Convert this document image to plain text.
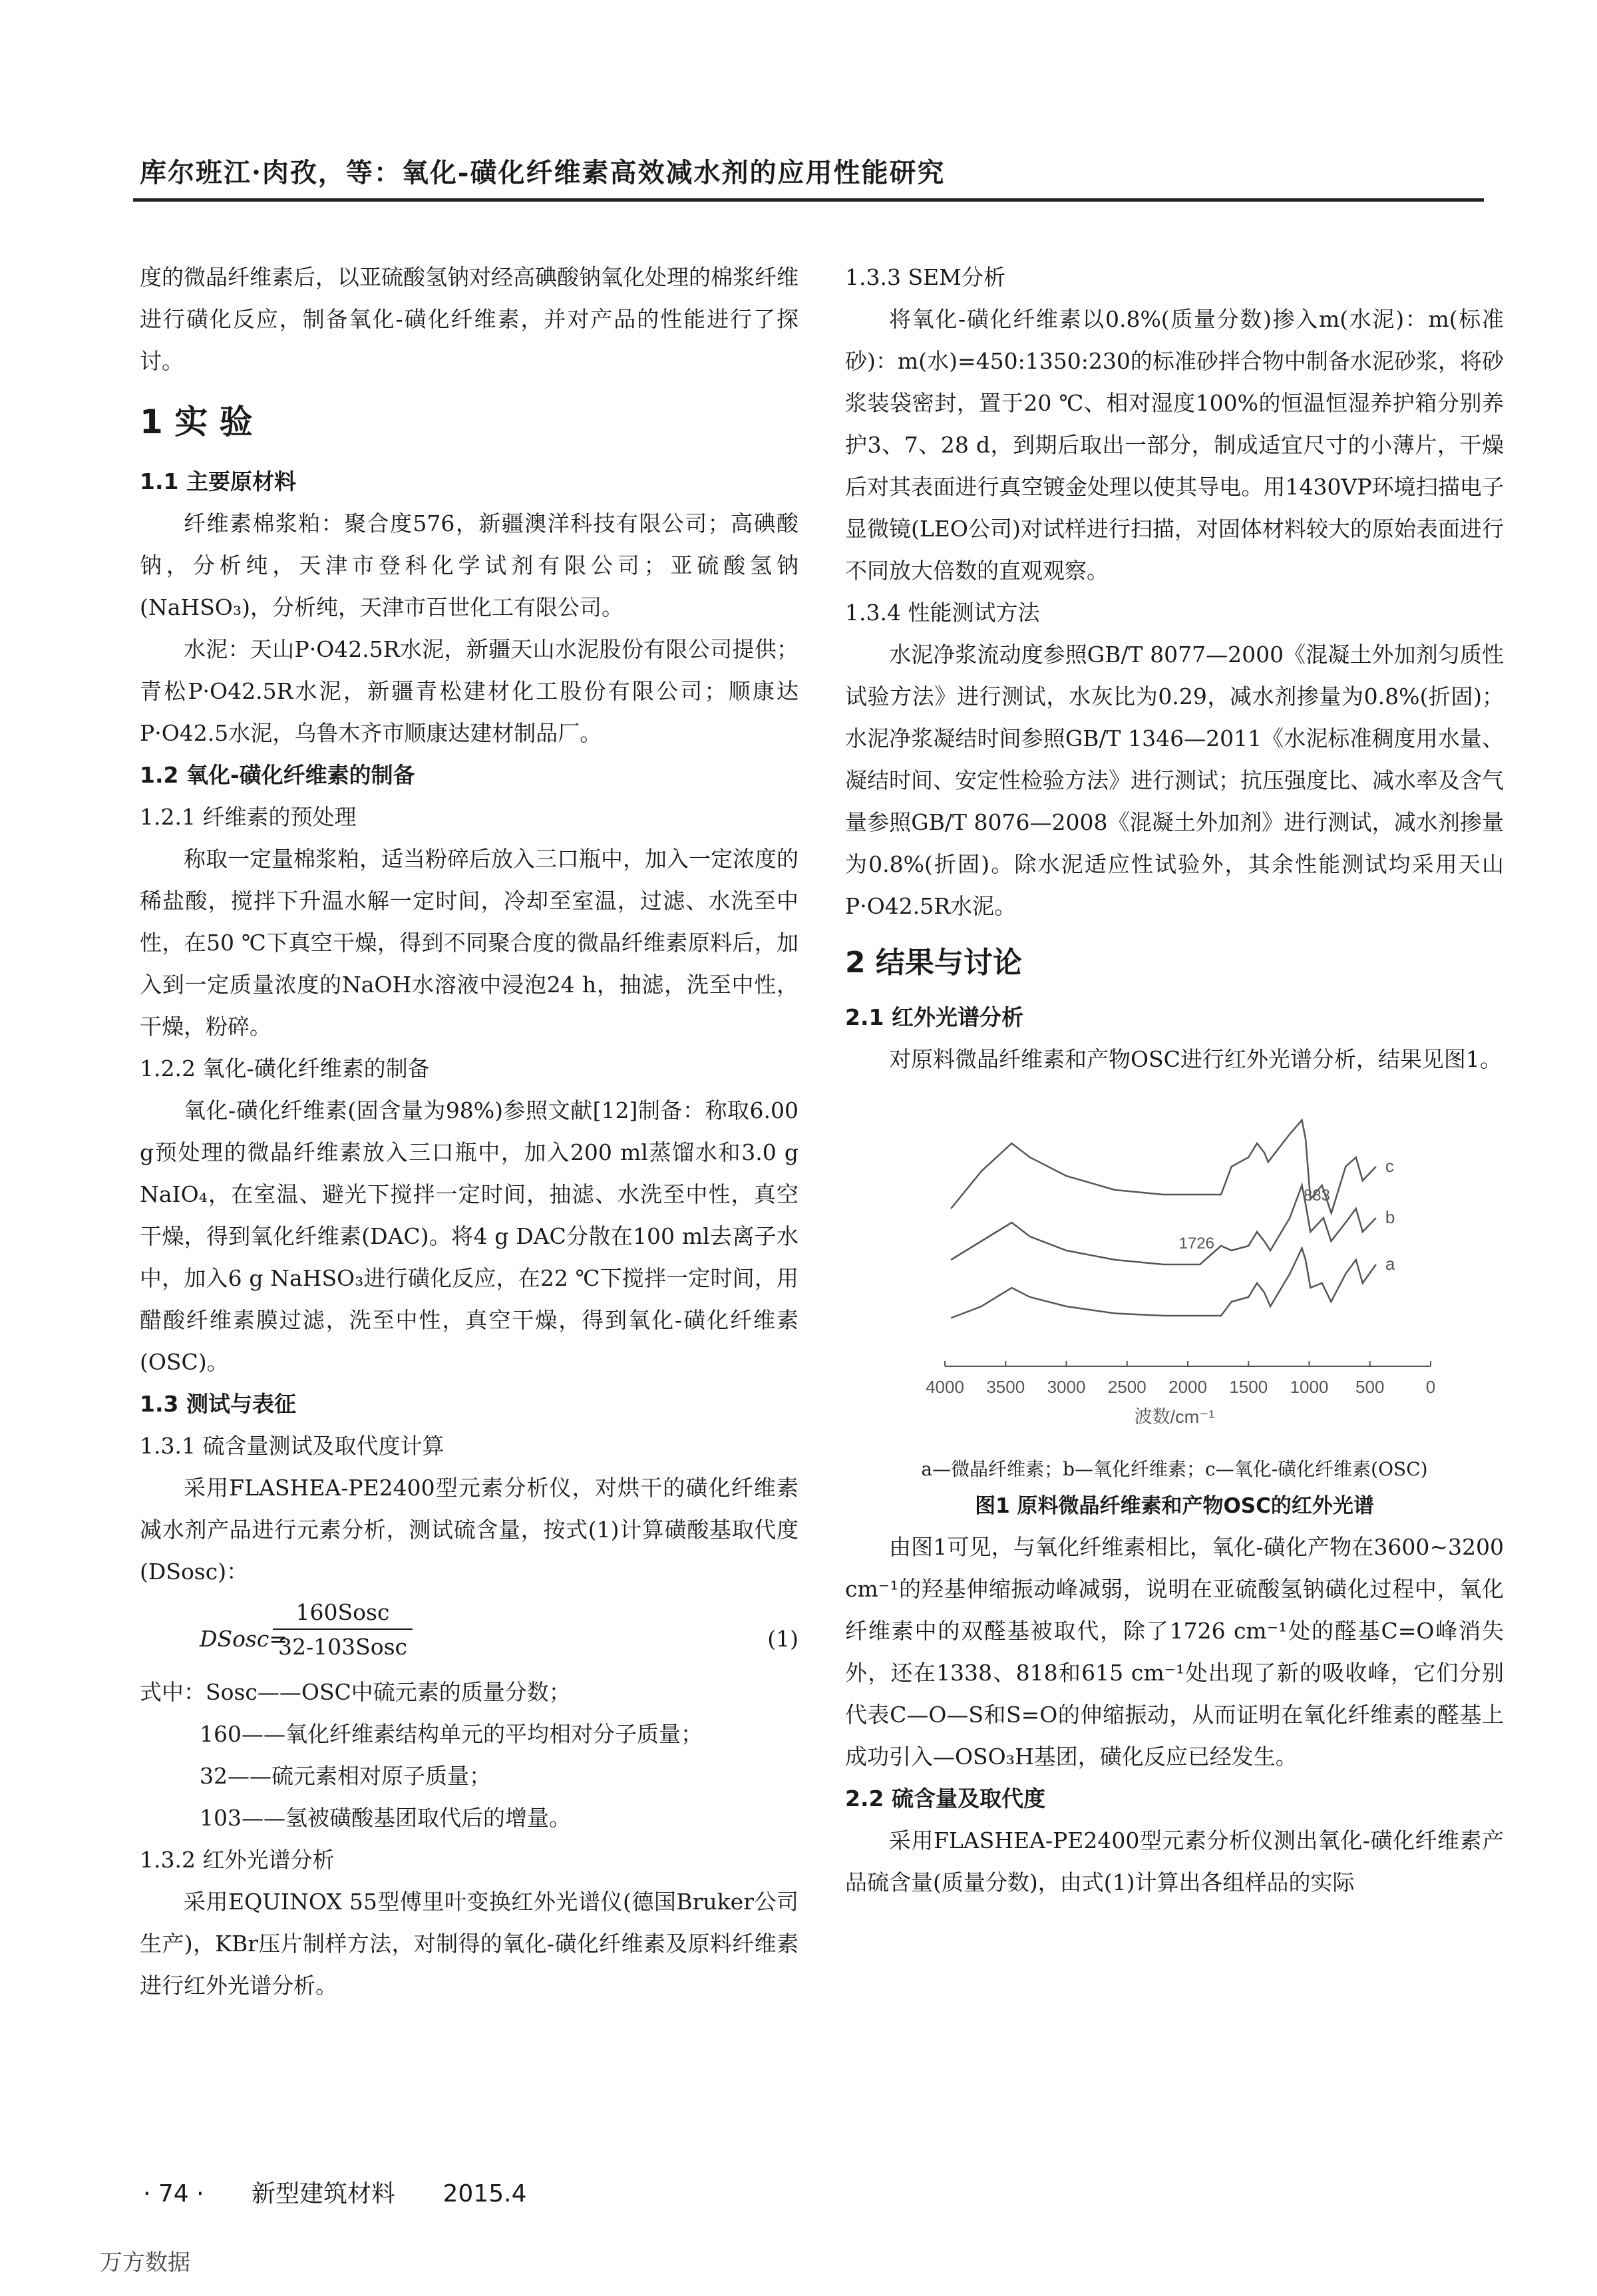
库尔班江·肉孜，等：氧化-磺化纤维素高效减水剂的应用性能研究

度的微晶纤维素后，以亚硫酸氢钠对经高碘酸钠氧化处理的棉浆纤维进行磺化反应，制备氧化-磺化纤维素，并对产品的性能进行了探讨。

1 实 验

1.1 主要原材料

纤维素棉浆粕：聚合度576，新疆澳洋科技有限公司；高碘酸钠，分析纯，天津市登科化学试剂有限公司；亚硫酸氢钠(NaHSO₃)，分析纯，天津市百世化工有限公司。

水泥：天山P·O42.5R水泥，新疆天山水泥股份有限公司提供；青松P·O42.5R水泥，新疆青松建材化工股份有限公司；顺康达P·O42.5水泥，乌鲁木齐市顺康达建材制品厂。

1.2 氧化-磺化纤维素的制备

1.2.1 纤维素的预处理

称取一定量棉浆粕，适当粉碎后放入三口瓶中，加入一定浓度的稀盐酸，搅拌下升温水解一定时间，冷却至室温，过滤、水洗至中性，在50 ℃下真空干燥，得到不同聚合度的微晶纤维素原料后，加入到一定质量浓度的NaOH水溶液中浸泡24 h，抽滤，洗至中性，干燥，粉碎。

1.2.2 氧化-磺化纤维素的制备

氧化-磺化纤维素(固含量为98%)参照文献[12]制备：称取6.00 g预处理的微晶纤维素放入三口瓶中，加入200 ml蒸馏水和3.0 g NaIO₄，在室温、避光下搅拌一定时间，抽滤、水洗至中性，真空干燥，得到氧化纤维素(DAC)。将4 g DAC分散在100 ml去离子水中，加入6 g NaHSO₃进行磺化反应，在22 ℃下搅拌一定时间，用醋酸纤维素膜过滤，洗至中性，真空干燥，得到氧化-磺化纤维素(OSC)。

1.3 测试与表征

1.3.1 硫含量测试及取代度计算

采用FLASHEA-PE2400型元素分析仪，对烘干的磺化纤维素减水剂产品进行元素分析，测试硫含量，按式(1)计算磺酸基取代度(DSosc)：

DSosc=
160Sosc
32-103Sosc	(1)

式中：Sosc——OSC中硫元素的质量分数；

160——氧化纤维素结构单元的平均相对分子质量；

32——硫元素相对原子质量；

103——氢被磺酸基团取代后的增量。

1.3.2 红外光谱分析

采用EQUINOX 55型傅里叶变换红外光谱仪(德国Bruker公司生产)，KBr压片制样方法，对制得的氧化-磺化纤维素及原料纤维素进行红外光谱分析。

1.3.3 SEM分析

将氧化-磺化纤维素以0.8%(质量分数)掺入m(水泥)：m(标准砂)：m(水)=450:1350:230的标准砂拌合物中制备水泥砂浆，将砂浆装袋密封，置于20 ℃、相对湿度100%的恒温恒湿养护箱分别养护3、7、28 d，到期后取出一部分，制成适宜尺寸的小薄片，干燥后对其表面进行真空镀金处理以使其导电。用1430VP环境扫描电子显微镜(LEO公司)对试样进行扫描，对固体材料较大的原始表面进行不同放大倍数的直观观察。

1.3.4 性能测试方法

水泥净浆流动度参照GB/T 8077—2000《混凝土外加剂匀质性试验方法》进行测试，水灰比为0.29，减水剂掺量为0.8%(折固)；水泥净浆凝结时间参照GB/T 1346—2011《水泥标准稠度用水量、凝结时间、安定性检验方法》进行测试；抗压强度比、减水率及含气量参照GB/T 8076—2008《混凝土外加剂》进行测试，减水剂掺量为0.8%(折固)。除水泥适应性试验外，其余性能测试均采用天山P·O42.5R水泥。

2 结果与讨论

2.1 红外光谱分析

对原料微晶纤维素和产物OSC进行红外光谱分析，结果见图1。

4000 3500 3000 2500 2000 1500 1000 500 0
波数/cm⁻¹
a
b
c
1726
883
a—微晶纤维素；b—氧化纤维素；c—氧化-磺化纤维素(OSC)
图1 原料微晶纤维素和产物OSC的红外光谱

由图1可见，与氧化纤维素相比，氧化-磺化产物在3600~3200 cm⁻¹的羟基伸缩振动峰减弱，说明在亚硫酸氢钠磺化过程中，氧化纤维素中的双醛基被取代，除了1726 cm⁻¹处的醛基C=O峰消失外，还在1338、818和615 cm⁻¹处出现了新的吸收峰，它们分别代表C—O—S和S=O的伸缩振动，从而证明在氧化纤维素的醛基上成功引入—OSO₃H基团，磺化反应已经发生。

2.2 硫含量及取代度

采用FLASHEA-PE2400型元素分析仪测出氧化-磺化纤维素产品硫含量(质量分数)，由式(1)计算出各组样品的实际

· 74 · 新型建筑材料 2015.4
万方数据
